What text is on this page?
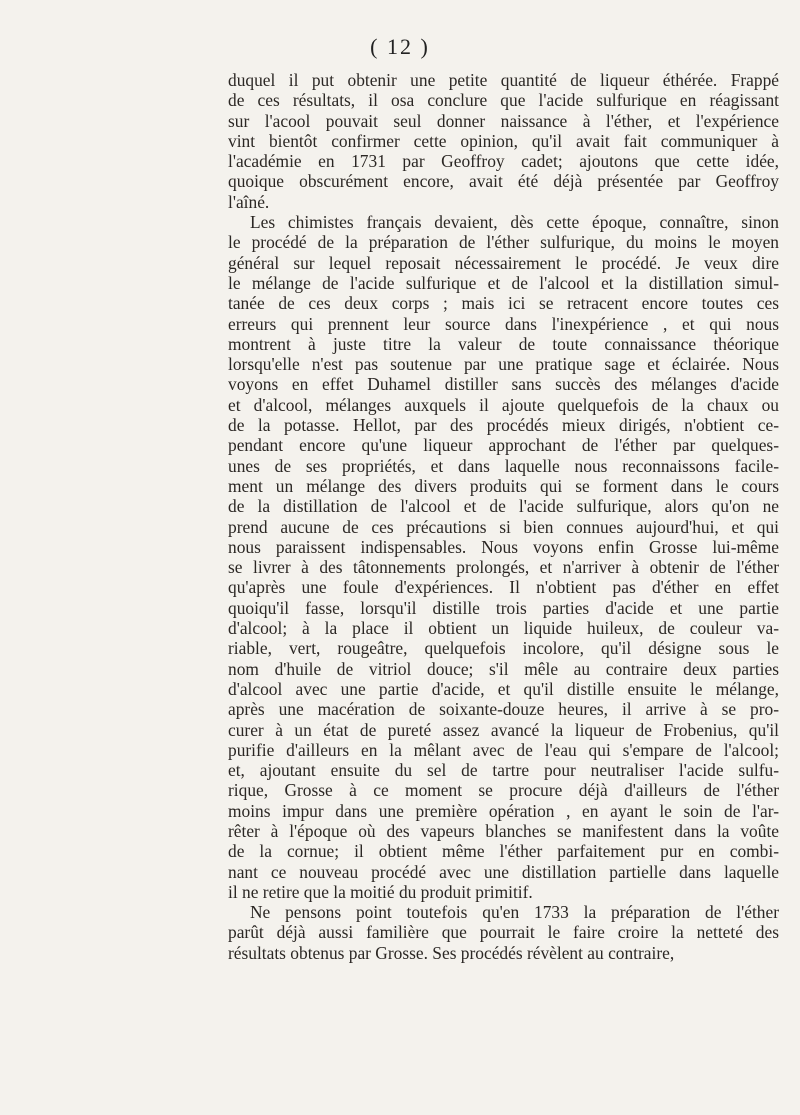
( 12 )
duquel il put obtenir une petite quantité de liqueur éthérée. Frappé
de ces résultats, il osa conclure que l'acide sulfurique en réagissant
sur l'acool pouvait seul donner naissance à l'éther, et l'expérience
vint bientôt confirmer cette opinion, qu'il avait fait communiquer à
l'académie en 1731 par Geoffroy cadet; ajoutons que cette idée,
quoique obscurément encore, avait été déjà présentée par Geoffroy
l'aîné.
Les chimistes français devaient, dès cette époque, connaître, sinon
le procédé de la préparation de l'éther sulfurique, du moins le moyen
général sur lequel reposait nécessairement le procédé. Je veux dire
le mélange de l'acide sulfurique et de l'alcool et la distillation simul-
tanée de ces deux corps ; mais ici se retracent encore toutes ces
erreurs qui prennent leur source dans l'inexpérience , et qui nous
montrent à juste titre la valeur de toute connaissance théorique
lorsqu'elle n'est pas soutenue par une pratique sage et éclairée. Nous
voyons en effet Duhamel distiller sans succès des mélanges d'acide
et d'alcool, mélanges auxquels il ajoute quelquefois de la chaux ou
de la potasse. Hellot, par des procédés mieux dirigés, n'obtient ce-
pendant encore qu'une liqueur approchant de l'éther par quelques-
unes de ses propriétés, et dans laquelle nous reconnaissons facile-
ment un mélange des divers produits qui se forment dans le cours
de la distillation de l'alcool et de l'acide sulfurique, alors qu'on ne
prend aucune de ces précautions si bien connues aujourd'hui, et qui
nous paraissent indispensables. Nous voyons enfin Grosse lui-même
se livrer à des tâtonnements prolongés, et n'arriver à obtenir de l'éther
qu'après une foule d'expériences. Il n'obtient pas d'éther en effet
quoiqu'il fasse, lorsqu'il distille trois parties d'acide et une partie
d'alcool; à la place il obtient un liquide huileux, de couleur va-
riable, vert, rougeâtre, quelquefois incolore, qu'il désigne sous le
nom d'huile de vitriol douce; s'il mêle au contraire deux parties
d'alcool avec une partie d'acide, et qu'il distille ensuite le mélange,
après une macération de soixante-douze heures, il arrive à se pro-
curer à un état de pureté assez avancé la liqueur de Frobenius, qu'il
purifie d'ailleurs en la mêlant avec de l'eau qui s'empare de l'alcool;
et, ajoutant ensuite du sel de tartre pour neutraliser l'acide sulfu-
rique, Grosse à ce moment se procure déjà d'ailleurs de l'éther
moins impur dans une première opération , en ayant le soin de l'ar-
rêter à l'époque où des vapeurs blanches se manifestent dans la voûte
de la cornue; il obtient même l'éther parfaitement pur en combi-
nant ce nouveau procédé avec une distillation partielle dans laquelle
il ne retire que la moitié du produit primitif.
Ne pensons point toutefois qu'en 1733 la préparation de l'éther
parût déjà aussi familière que pourrait le faire croire la netteté des
résultats obtenus par Grosse. Ses procédés révèlent au contraire,
